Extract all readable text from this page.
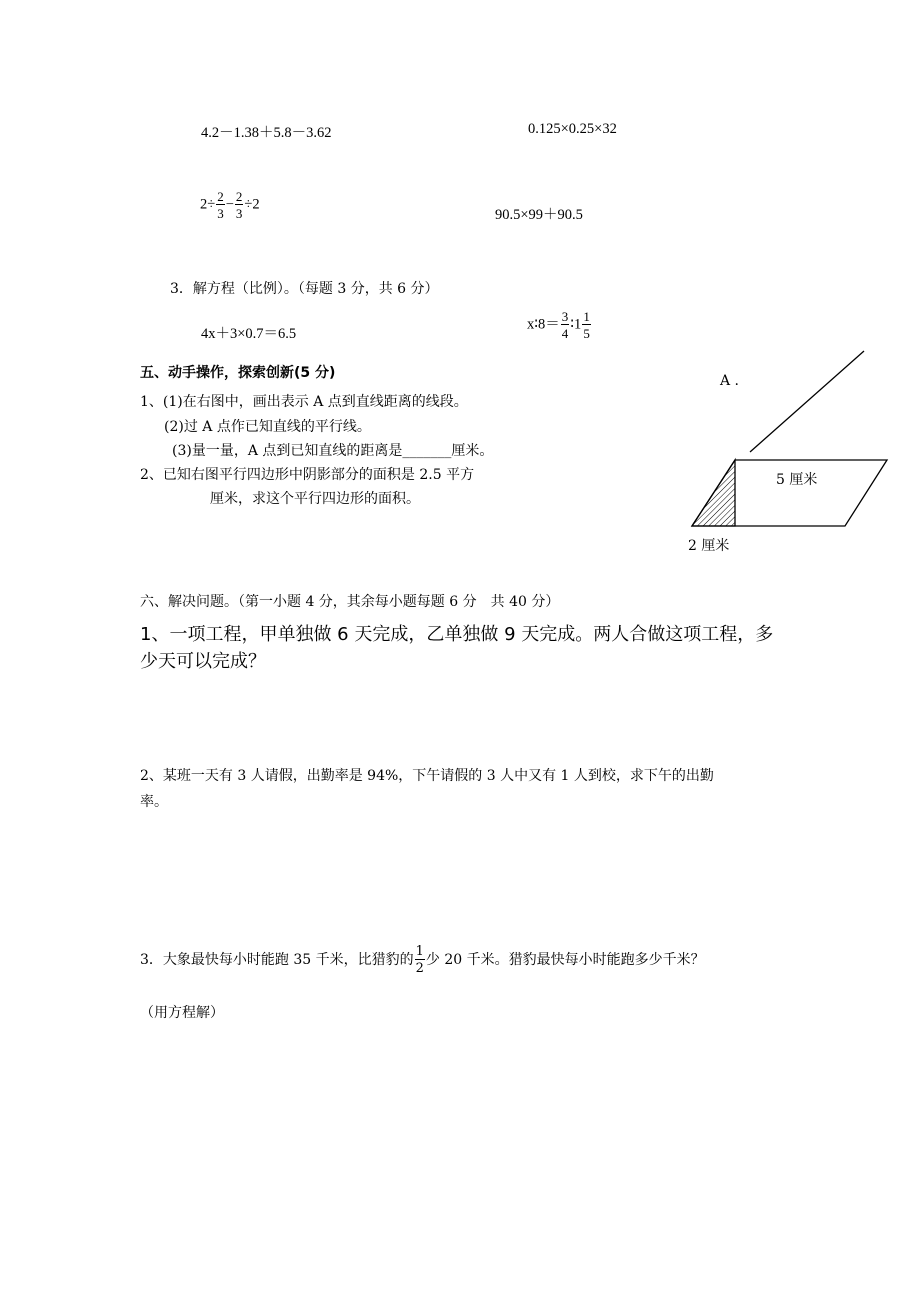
4.2－1.38＋5.8－3.62	0.125×0.25×32
$2\div \frac{2}{3} - \frac{2}{3} \div 2$
90.5×99＋90.5
3．解方程（比例）。（每题 3 分，共 6 分）
4x＋3×0.7＝6.5
x∶8＝ $\frac{3}{4}$ ∶1 $\frac{1}{5}$
五、动手操作，探索创新(5 分)
1、(1)在右图中，画出表示 A 点到直线距离的线段。
(2)过 A 点作已知直线的平行线。
(3)量一量，A 点到已知直线的距离是_______厘米。
2、已知右图平行四边形中阴影部分的面积是 2.5 平方
厘米，求这个平行四边形的面积。
A .
5 厘米
2 厘米
六、解决问题。（第一小题 4 分，其余每小题每题 6 分　共 40 分）
1、一项工程，甲单独做 6 天完成，乙单独做 9 天完成。两人合做这项工程，多
少天可以完成？
2、某班一天有 3 人请假，出勤率是 94%，下午请假的 3 人中又有 1 人到校，求下午的出勤
率。
3．大象最快每小时能跑 35 千米，比猎豹的 $\frac{1}{2}$ 少 20 千米。猎豹最快每小时能跑多少千米？
（用方程解）
